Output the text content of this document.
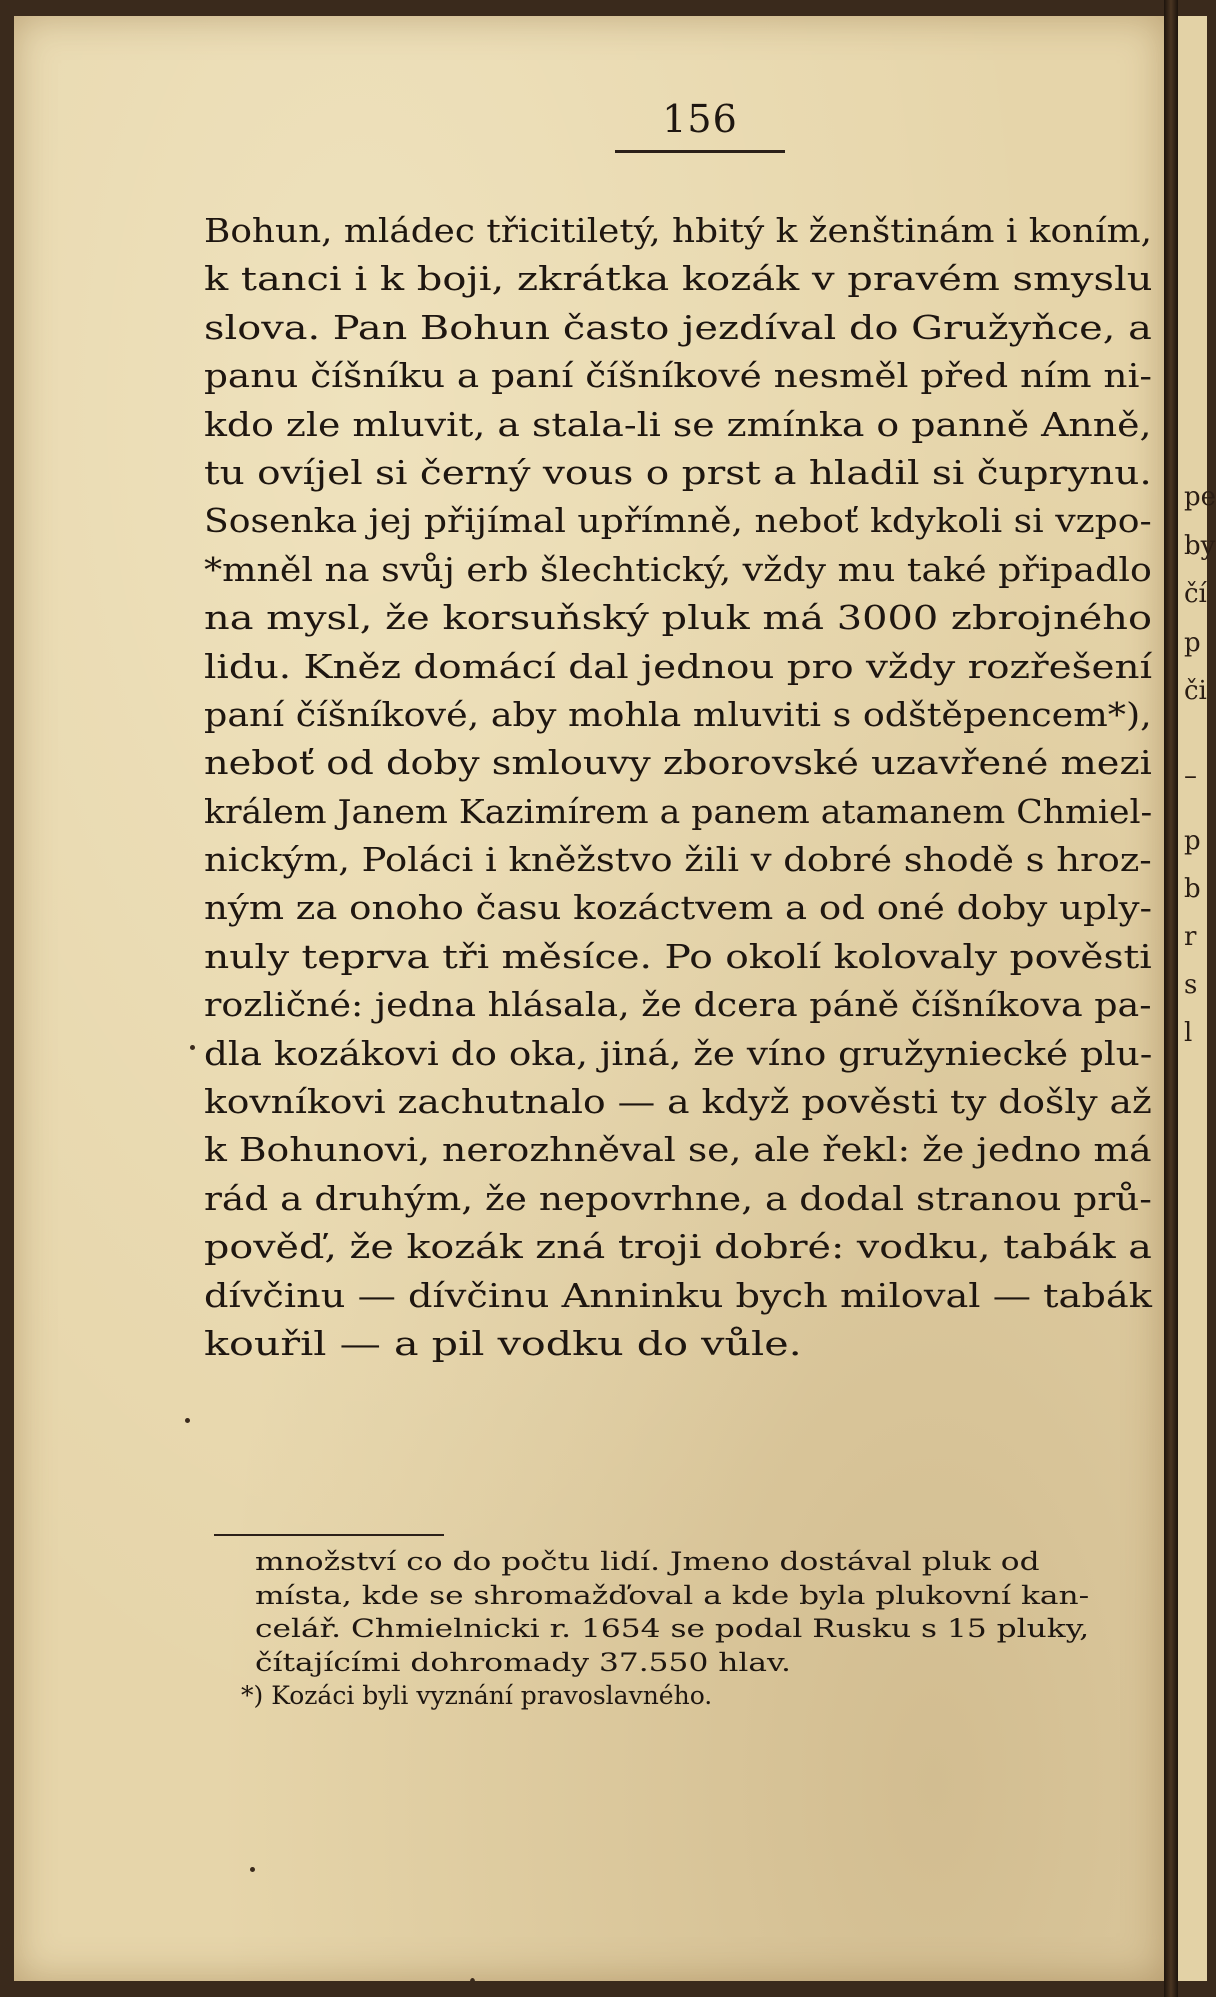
pe
by
čí
p
či
–
p
b
r
s
l
156
Bohun, mládec třicitiletý, hbitý k ženštinám i koním,
k tanci i k boji, zkrátka kozák v pravém smyslu
slova. Pan Bohun často jezdíval do Gružyňce, a
panu číšníku a paní číšníkové nesměl před ním ni-
kdo zle mluvit, a stala-li se zmínka o panně Anně,
tu ovíjel si černý vous o prst a hladil si čuprynu.
Sosenka jej přijímal upřímně, neboť kdykoli si vzpo-
*mněl na svůj erb šlechtický, vždy mu také připadlo
na mysl, že korsuňský pluk má 3000 zbrojného
lidu. Kněz domácí dal jednou pro vždy rozřešení
paní číšníkové, aby mohla mluviti s odštěpencem*),
neboť od doby smlouvy zborovské uzavřené mezi
králem Janem Kazimírem a panem atamanem Chmiel-
nickým, Poláci i kněžstvo žili v dobré shodě s hroz-
ným za onoho času kozáctvem a od oné doby uply-
nuly teprva tři měsíce. Po okolí kolovaly pověsti
rozličné: jedna hlásala, že dcera páně číšníkova pa-
dla kozákovi do oka, jiná, že víno gružyniecké plu-
kovníkovi zachutnalo — a když pověsti ty došly až
k Bohunovi, nerozhněval se, ale řekl: že jedno má
rád a druhým, že nepovrhne, a dodal stranou prů-
pověď, že kozák zná troji dobré: vodku, tabák a
dívčinu — dívčinu Anninku bych miloval — tabák
kouřil — a pil vodku do vůle.
množství co do počtu lidí. Jmeno dostával pluk od
místa, kde se shromažďoval a kde byla plukovní kan-
celář. Chmielnicki r. 1654 se podal Rusku s 15 pluky,
čítajícími dohromady 37.550 hlav.
*) Kozáci byli vyznání pravoslavného.
